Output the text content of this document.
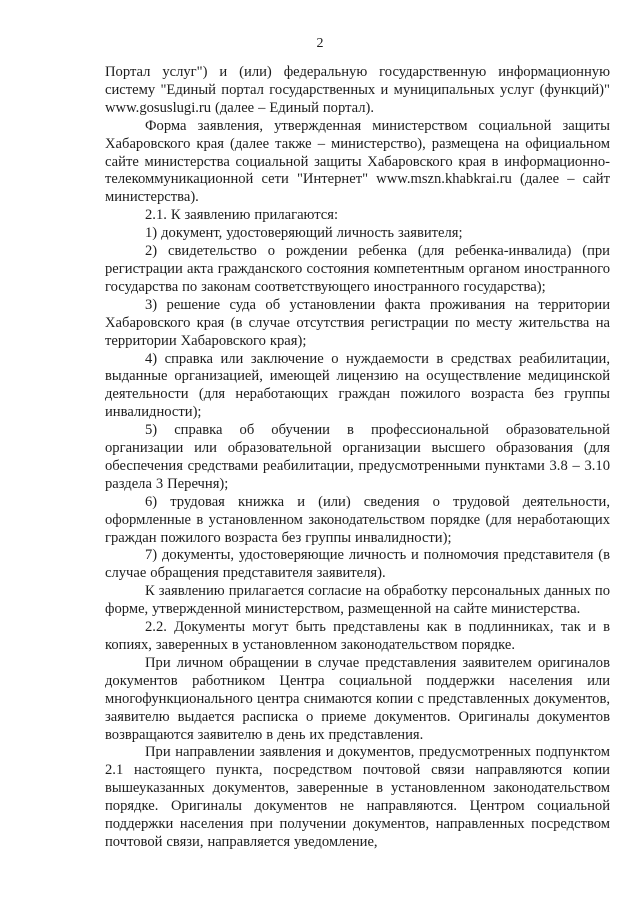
2

Портал услуг") и (или) федеральную государственную информационную систему "Единый портал государственных и муниципальных услуг (функций)" www.gosuslugi.ru (далее – Единый портал).

Форма заявления, утвержденная министерством социальной защиты Хабаровского края (далее также – министерство), размещена на официальном сайте министерства социальной защиты Хабаровского края в информационно-телекоммуникационной сети "Интернет" www.mszn.khabkrai.ru (далее – сайт министерства).

2.1. К заявлению прилагаются:

1) документ, удостоверяющий личность заявителя;

2) свидетельство о рождении ребенка (для ребенка-инвалида) (при регистрации акта гражданского состояния компетентным органом иностранного государства по законам соответствующего иностранного государства);

3) решение суда об установлении факта проживания на территории Хабаровского края (в случае отсутствия регистрации по месту жительства на территории Хабаровского края);

4) справка или заключение о нуждаемости в средствах реабилитации, выданные организацией, имеющей лицензию на осуществление медицинской деятельности (для неработающих граждан пожилого возраста без группы инвалидности);

5) справка об обучении в профессиональной образовательной организации или образовательной организации высшего образования (для обеспечения средствами реабилитации, предусмотренными пунктами 3.8 – 3.10 раздела 3 Перечня);

6) трудовая книжка и (или) сведения о трудовой деятельности, оформленные в установленном законодательством порядке (для неработающих граждан пожилого возраста без группы инвалидности);

7) документы, удостоверяющие личность и полномочия представителя (в случае обращения представителя заявителя).

К заявлению прилагается согласие на обработку персональных данных по форме, утвержденной министерством, размещенной на сайте министерства.

2.2. Документы могут быть представлены как в подлинниках, так и в копиях, заверенных в установленном законодательством порядке.

При личном обращении в случае представления заявителем оригиналов документов работником Центра социальной поддержки населения или многофункционального центра снимаются копии с представленных документов, заявителю выдается расписка о приеме документов. Оригиналы документов возвращаются заявителю в день их представления.

При направлении заявления и документов, предусмотренных подпунктом 2.1 настоящего пункта, посредством почтовой связи направляются копии вышеуказанных документов, заверенные в установленном законодательством порядке. Оригиналы документов не направляются. Центром социальной поддержки населения при получении документов, направленных посредством почтовой связи, направляется уведомление,
